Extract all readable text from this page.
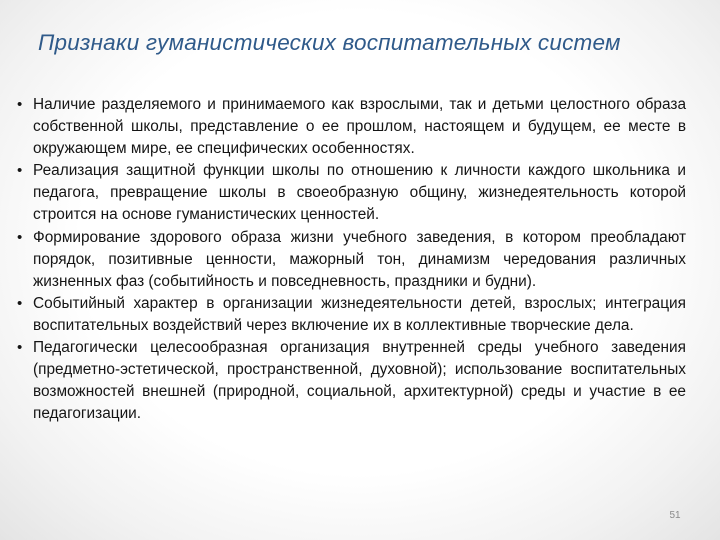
Признаки гуманистических воспитательных систем
• Наличие разделяемого и принимаемого как взрослыми, так и детьми целостного образа собственной школы, представление о ее прошлом, настоящем и будущем, ее месте в окружающем мире, ее специфических особенностях.
• Реализация защитной функции школы по отношению к личности каждого школьника и педагога, превращение школы в своеобразную общину, жизнедеятельность которой строится на основе гуманистических ценностей.
• Формирование здорового образа жизни учебного заведения, в котором преобладают порядок, позитивные ценности, мажорный тон, динамизм чередования различных жизненных фаз (событийность и повседневность, праздники и будни).
• Событийный характер в организации жизнедеятельности детей, взрослых; интеграция воспитательных воздействий через включение их в коллективные творческие дела.
• Педагогически целесообразная организация внутренней среды учебного заведения (предметно-эстетической, пространственной, духовной); использование воспитательных возможностей внешней (природной, социальной, архитектурной) среды и участие в ее педагогизации.
51
